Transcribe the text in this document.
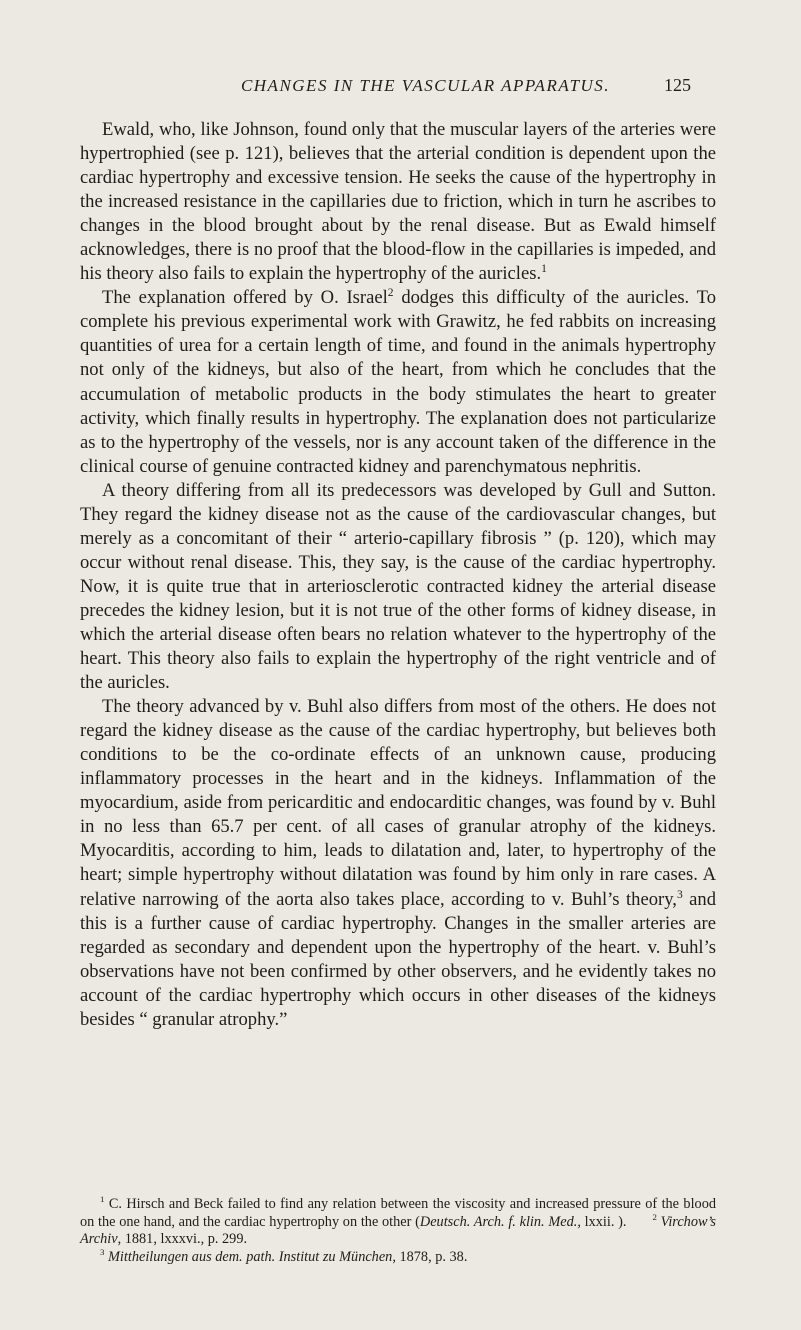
CHANGES IN THE VASCULAR APPARATUS.	125

Ewald, who, like Johnson, found only that the muscular layers of the arteries were hypertrophied (see p. 121), believes that the arterial condition is dependent upon the cardiac hypertrophy and excessive tension. He seeks the cause of the hypertrophy in the increased resistance in the capillaries due to friction, which in turn he ascribes to changes in the blood brought about by the renal disease. But as Ewald himself acknowledges, there is no proof that the blood-flow in the capillaries is impeded, and his theory also fails to explain the hypertrophy of the auricles.$^1$

The explanation offered by O. Israel$^2$ dodges this difficulty of the auricles. To complete his previous experimental work with Grawitz, he fed rabbits on increasing quantities of urea for a certain length of time, and found in the animals hypertrophy not only of the kidneys, but also of the heart, from which he concludes that the accumulation of metabolic products in the body stimulates the heart to greater activity, which finally results in hypertrophy. The explanation does not particularize as to the hypertrophy of the vessels, nor is any account taken of the difference in the clinical course of genuine contracted kidney and parenchymatous nephritis.

A theory differing from all its predecessors was developed by Gull and Sutton. They regard the kidney disease not as the cause of the cardiovascular changes, but merely as a concomitant of their “ arterio-capillary fibrosis ” (p. 120), which may occur without renal disease. This, they say, is the cause of the cardiac hypertrophy. Now, it is quite true that in arteriosclerotic contracted kidney the arterial disease precedes the kidney lesion, but it is not true of the other forms of kidney disease, in which the arterial disease often bears no relation whatever to the hypertrophy of the heart. This theory also fails to explain the hypertrophy of the right ventricle and of the auricles.

The theory advanced by v. Buhl also differs from most of the others. He does not regard the kidney disease as the cause of the cardiac hypertrophy, but believes both conditions to be the co-ordinate effects of an unknown cause, producing inflammatory processes in the heart and in the kidneys. Inflammation of the myocardium, aside from pericarditic and endocarditic changes, was found by v. Buhl in no less than 65.7 per cent. of all cases of granular atrophy of the kidneys. Myocarditis, according to him, leads to dilatation and, later, to hypertrophy of the heart; simple hypertrophy without dilatation was found by him only in rare cases. A relative narrowing of the aorta also takes place, according to v. Buhl’s theory,$^3$ and this is a further cause of cardiac hypertrophy. Changes in the smaller arteries are regarded as secondary and dependent upon the hypertrophy of the heart. v. Buhl’s observations have not been confirmed by other observers, and he evidently takes no account of the cardiac hypertrophy which occurs in other diseases of the kidneys besides “ granular atrophy.”

$^1$ C. Hirsch and Beck failed to find any relation between the viscosity and increased pressure of the blood on the one hand, and the cardiac hypertrophy on the other (Deutsch. Arch. f. klin. Med., lxxii. ).	$^2$ Virchow’s Archiv, 1881, lxxxvi., p. 299.

$^3$ Mittheilungen aus dem. path. Institut zu München, 1878, p. 38.
